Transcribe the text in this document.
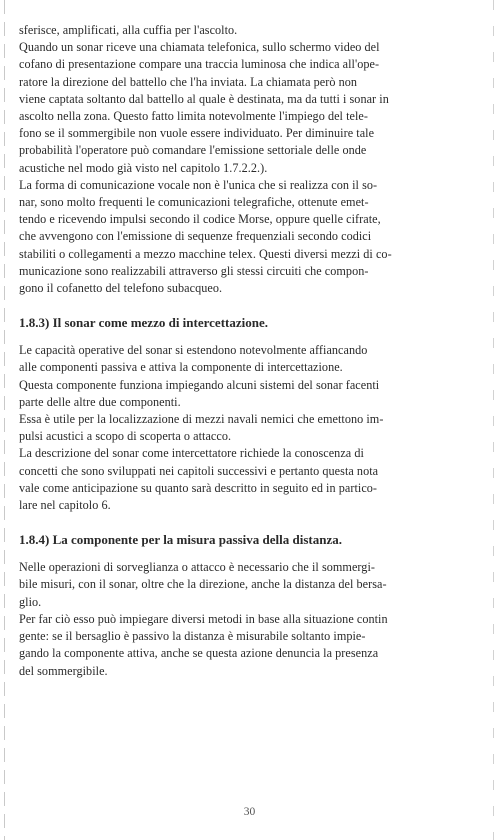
sferisce, amplificati, alla cuffia per l'ascolto.

Quando un sonar riceve una chiamata telefonica, sullo schermo video del

cofano di presentazione compare una traccia luminosa che indica all'ope-

ratore la direzione del battello che l'ha inviata. La chiamata però non

viene captata soltanto dal battello al quale è destinata, ma da tutti i sonar in

ascolto nella zona. Questo fatto limita notevolmente l'impiego del tele-

fono se il sommergibile non vuole essere individuato. Per diminuire tale

probabilità l'operatore può comandare l'emissione settoriale delle onde

acustiche nel modo già visto nel capitolo 1.7.2.2.).

La forma di comunicazione vocale non è l'unica che si realizza con il so-

nar, sono molto frequenti le comunicazioni telegrafiche, ottenute emet-

tendo e ricevendo impulsi secondo il codice Morse, oppure quelle cifrate,

che avvengono con l'emissione di sequenze frequenziali secondo codici

stabiliti o collegamenti a mezzo macchine telex. Questi diversi mezzi di co-

municazione sono realizzabili attraverso gli stessi circuiti che compon-

gono il cofanetto del telefono subacqueo.

1.8.3) Il sonar come mezzo di intercettazione.

Le capacità operative del sonar si estendono notevolmente affiancando

alle componenti passiva e attiva la componente di intercettazione.

Questa componente funziona impiegando alcuni sistemi del sonar facenti

parte delle altre due componenti.

Essa è utile per la localizzazione di mezzi navali nemici che emettono im-

pulsi acustici a scopo di scoperta o attacco.

La descrizione del sonar come intercettatore richiede la conoscenza di

concetti che sono sviluppati nei capitoli successivi e pertanto questa nota

vale come anticipazione su quanto sarà descritto in seguito ed in partico-

lare nel capitolo 6.

1.8.4) La componente per la misura passiva della distanza.

Nelle operazioni di sorveglianza o attacco è necessario che il sommergi-

bile misuri, con il sonar, oltre che la direzione, anche la distanza del bersa-

glio.

Per far ciò esso può impiegare diversi metodi in base alla situazione contin

gente: se il bersaglio è passivo la distanza è misurabile soltanto impie-

gando la componente attiva, anche se questa azione denuncia la presenza

del sommergibile.

30
